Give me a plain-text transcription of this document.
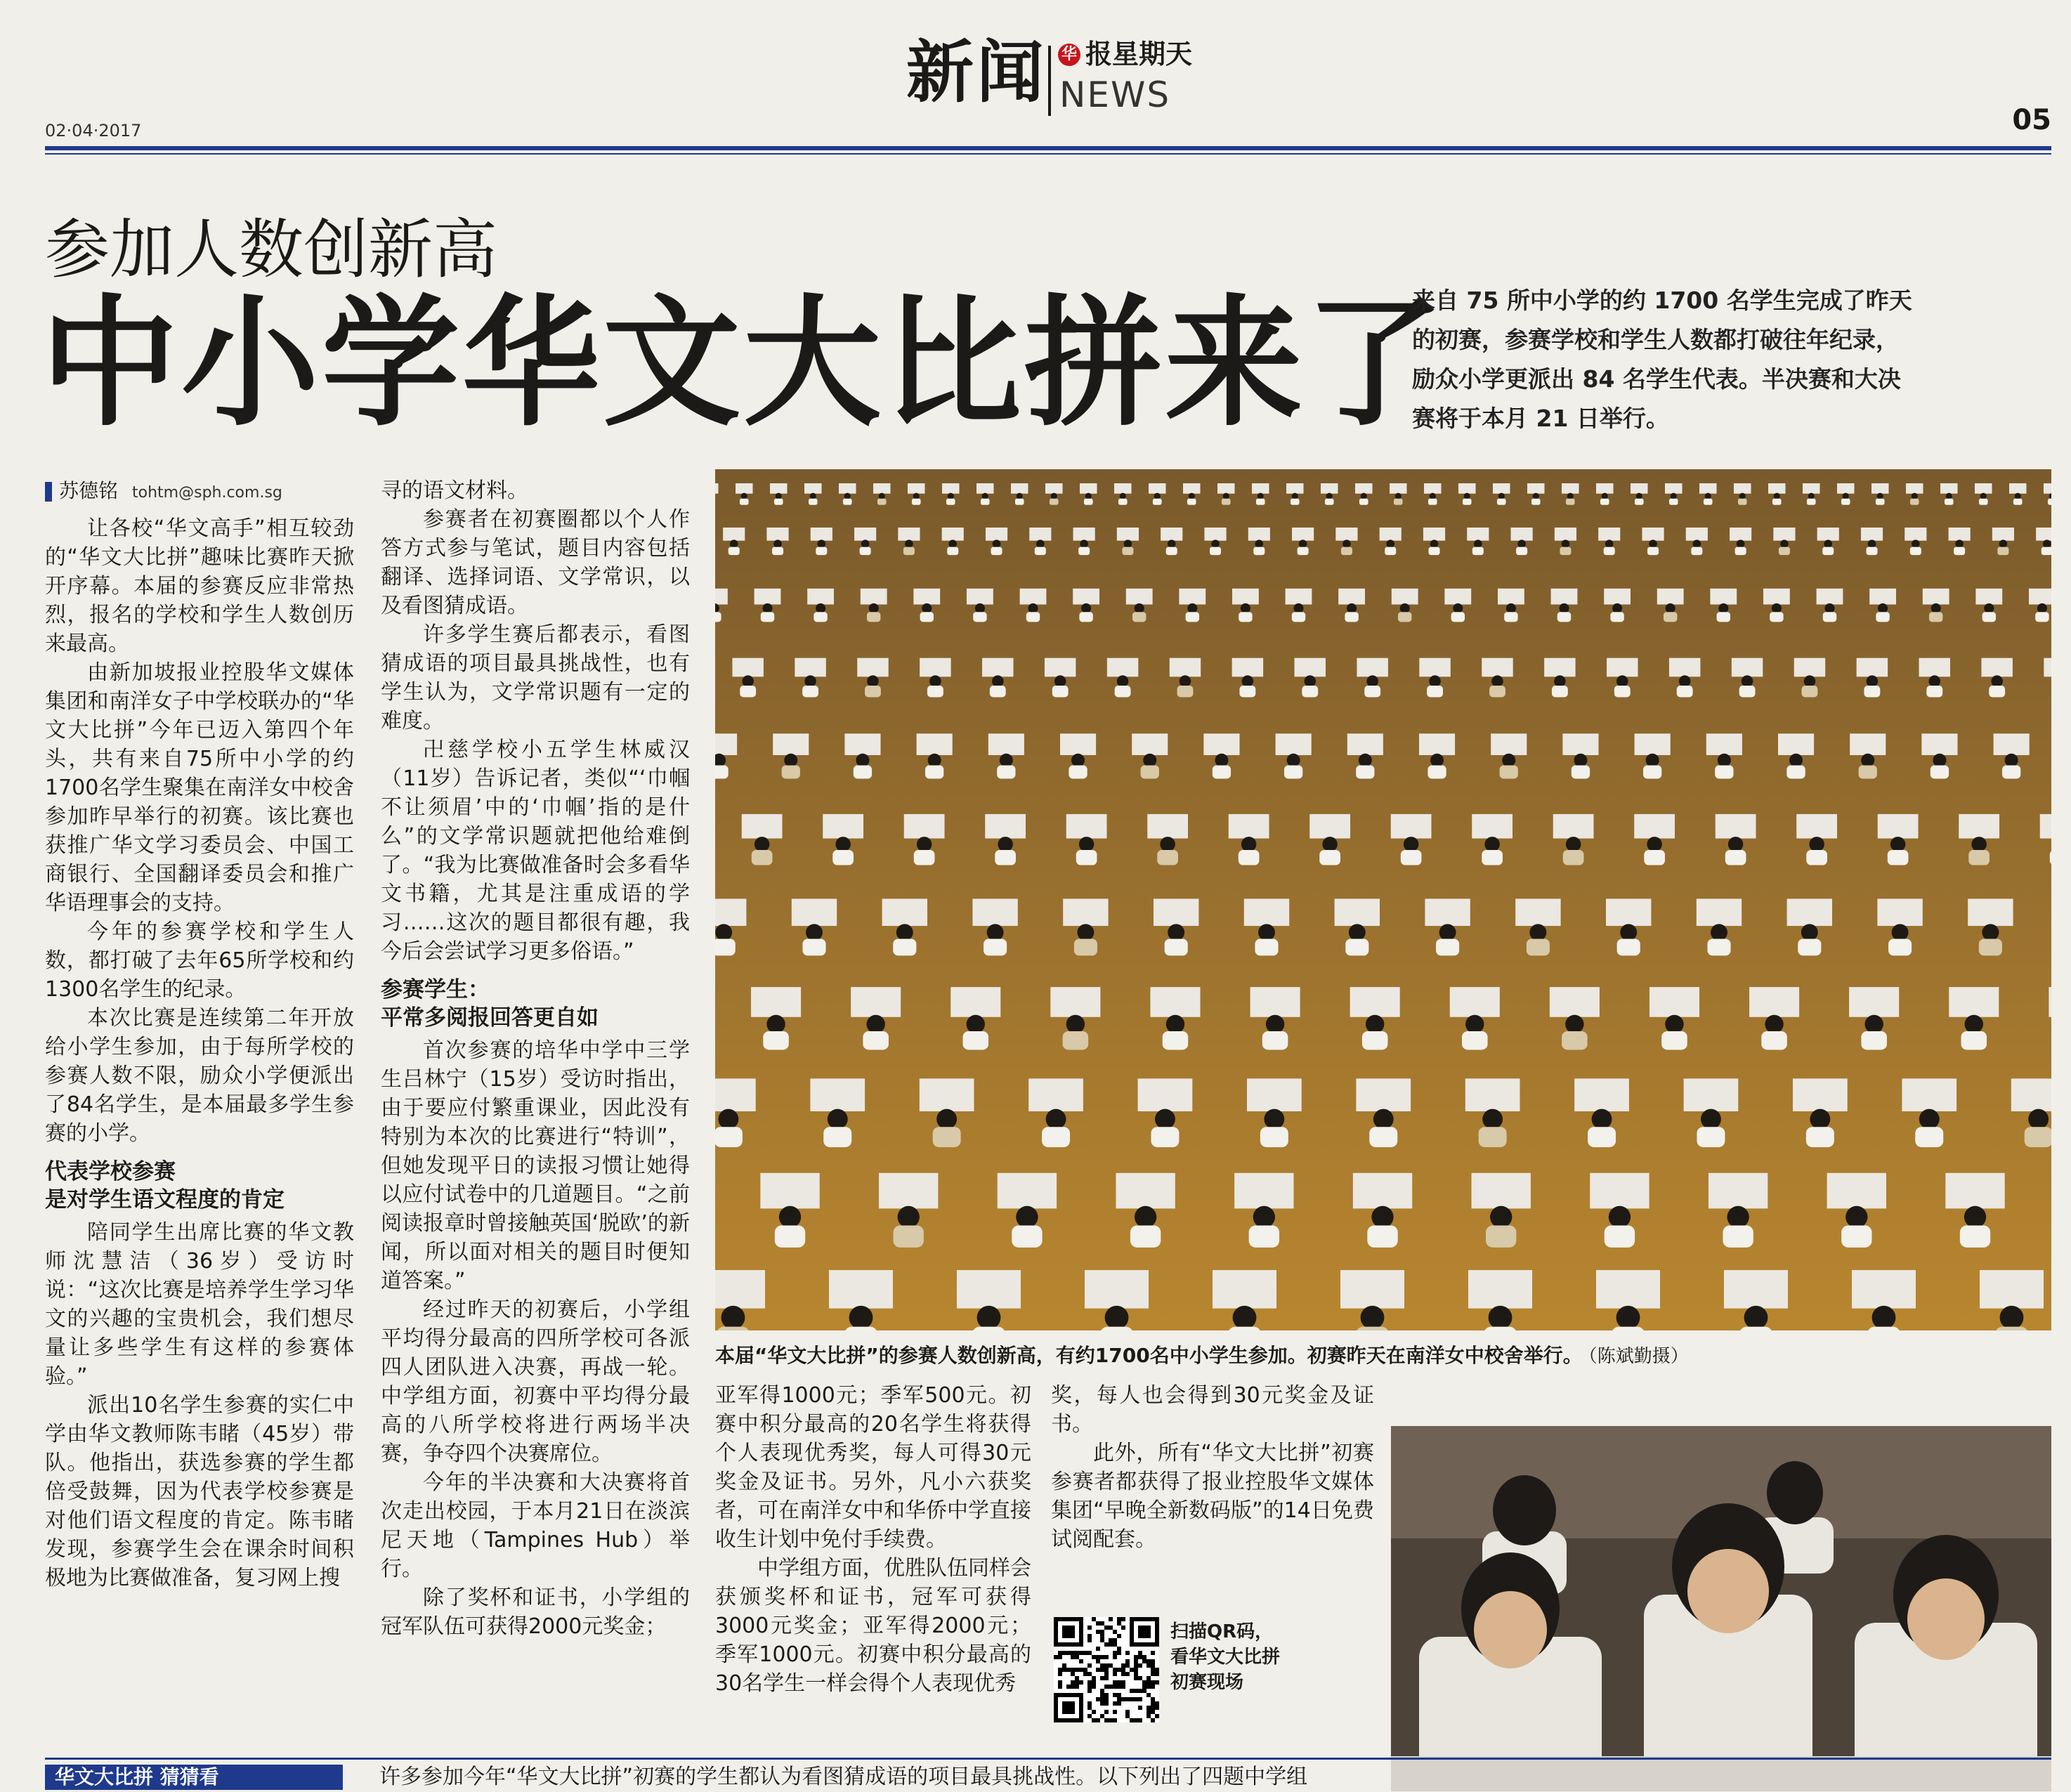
新闻 华 报星期天
NEWS
02·04·2017	05
参加人数创新高
中小学华文大比拼来了
来自 75 所中小学的约 1700 名学生完成了昨天
的初赛，参赛学校和学生人数都打破往年纪录，
励众小学更派出 84 名学生代表。半决赛和大决
赛将于本月 21 日举行。
苏德铭 tohtm@sph.com.sg

让各校“华文高手”相互较劲的“华文大比拼”趣味比赛昨天掀开序幕。本届的参赛反应非常热烈，报名的学校和学生人数创历来最高。

由新加坡报业控股华文媒体集团和南洋女子中学校联办的“华文大比拼”今年已迈入第四个年头，共有来自75所中小学的约1700名学生聚集在南洋女中校舍参加昨早举行的初赛。该比赛也获推广华文学习委员会、中国工商银行、全国翻译委员会和推广华语理事会的支持。

今年的参赛学校和学生人数，都打破了去年65所学校和约1300名学生的纪录。

本次比赛是连续第二年开放给小学生参加，由于每所学校的参赛人数不限，励众小学便派出了84名学生，是本届最多学生参赛的小学。

代表学校参赛
是对学生语文程度的肯定

陪同学生出席比赛的华文教师沈慧洁（36岁）受访时说：“这次比赛是培养学生学习华文的兴趣的宝贵机会，我们想尽量让多些学生有这样的参赛体验。”

派出10名学生参赛的实仁中学由华文教师陈韦睹（45岁）带队。他指出，获选参赛的学生都倍受鼓舞，因为代表学校参赛是对他们语文程度的肯定。陈韦睹发现，参赛学生会在课余时间积极地为比赛做准备，复习网上搜

寻的语文材料。

参赛者在初赛圈都以个人作答方式参与笔试，题目内容包括翻译、选择词语、文学常识，以及看图猜成语。

许多学生赛后都表示，看图猜成语的项目最具挑战性，也有学生认为，文学常识题有一定的难度。

卍慈学校小五学生林威汉（11岁）告诉记者，类似“‘巾帼不让须眉’中的‘巾帼’指的是什么”的文学常识题就把他给难倒了。“我为比赛做准备时会多看华文书籍，尤其是注重成语的学习……这次的题目都很有趣，我今后会尝试学习更多俗语。”

参赛学生：
平常多阅报回答更自如

首次参赛的培华中学中三学生吕林宁（15岁）受访时指出，由于要应付繁重课业，因此没有特别为本次的比赛进行“特训”，但她发现平日的读报习惯让她得以应付试卷中的几道题目。“之前阅读报章时曾接触英国‘脱欧’的新闻，所以面对相关的题目时便知道答案。”

经过昨天的初赛后，小学组平均得分最高的四所学校可各派四人团队进入决赛，再战一轮。中学组方面，初赛中平均得分最高的八所学校将进行两场半决赛，争夺四个决赛席位。

今年的半决赛和大决赛将首次走出校园，于本月21日在淡滨尼天地（Tampines Hub）举行。

除了奖杯和证书，小学组的冠军队伍可获得2000元奖金；

本届“华文大比拼”的参赛人数创新高，有约1700名中小学生参加。初赛昨天在南洋女中校舍举行。 （陈斌勤摄）

亚军得1000元；季军500元。初赛中积分最高的20名学生将获得个人表现优秀奖，每人可得30元奖金及证书。另外，凡小六获奖者，可在南洋女中和华侨中学直接收生计划中免付手续费。

中学组方面，优胜队伍同样会获颁奖杯和证书，冠军可获得3000元奖金；亚军得2000元；季军1000元。初赛中积分最高的30名学生一样会得个人表现优秀

奖，每人也会得到30元奖金及证书。

此外，所有“华文大比拼”初赛参赛者都获得了报业控股华文媒体集团“早晚全新数码版”的14日免费试阅配套。

扫描QR码，
看华文大比拼
初赛现场
华文大比拼 猜猜看	许多参加今年“华文大比拼”初赛的学生都认为看图猜成语的项目最具挑战性。以下列出了四题中学组
